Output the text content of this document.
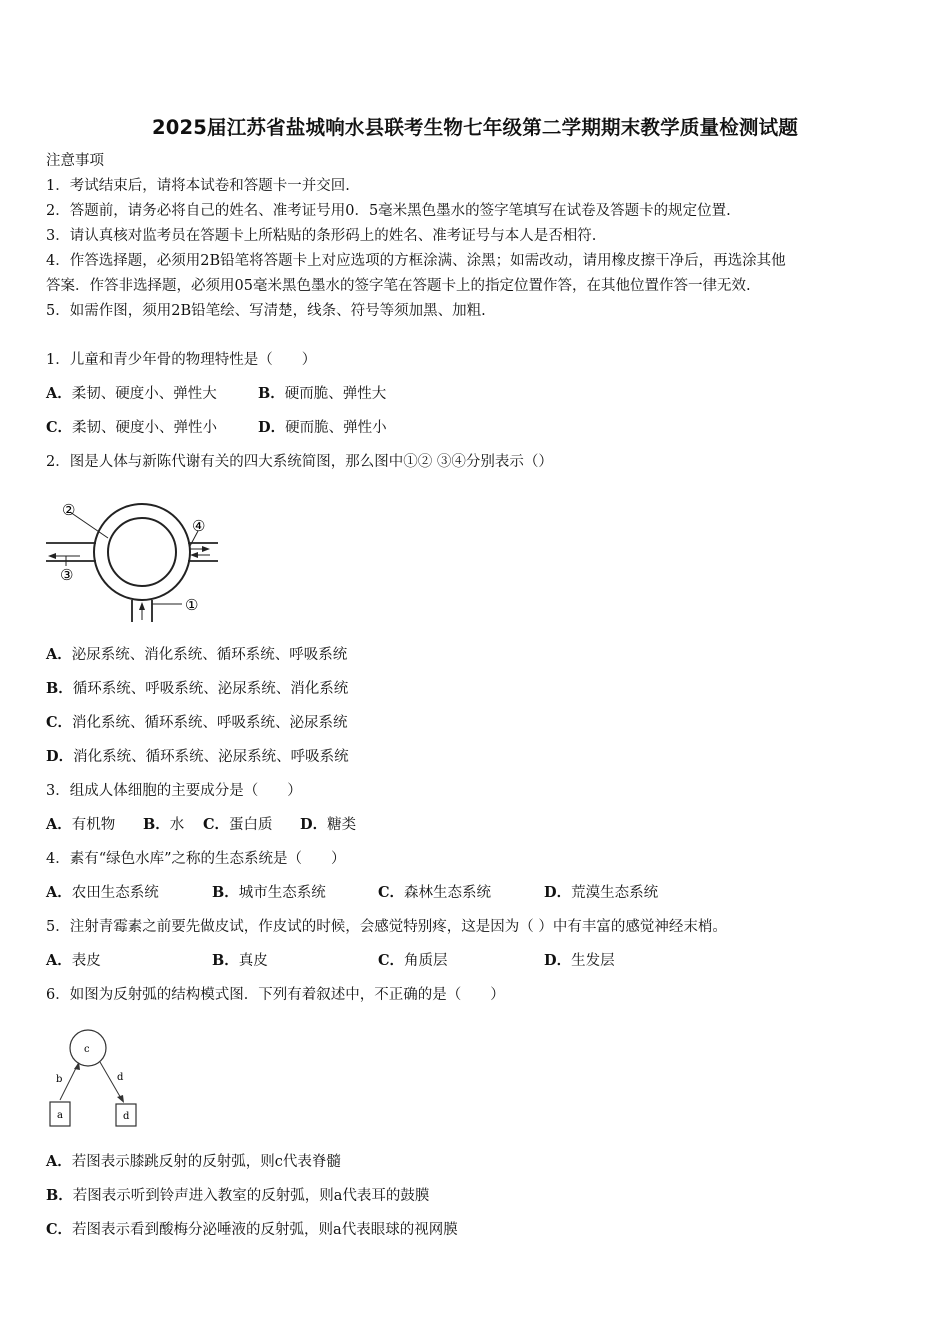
2025届江苏省盐城响水县联考生物七年级第二学期期末教学质量检测试题
注意事项
1．考试结束后，请将本试卷和答题卡一并交回.
2．答题前，请务必将自己的姓名、准考证号用0．5毫米黑色墨水的签字笔填写在试卷及答题卡的规定位置.
3．请认真核对监考员在答题卡上所粘贴的条形码上的姓名、准考证号与本人是否相符.
4．作答选择题，必须用2B铅笔将答题卡上对应选项的方框涂满、涂黑；如需改动，请用橡皮擦干净后，再选涂其他
答案．作答非选择题，必须用05毫米黑色墨水的签字笔在答题卡上的指定位置作答，在其他位置作答一律无效.
5．如需作图，须用2B铅笔绘、写清楚，线条、符号等须加黑、加粗.
1．儿童和青少年骨的物理特性是（　　）
A．柔韧、硬度小、弹性大	B．硬而脆、弹性大
C．柔韧、硬度小、弹性小	D．硬而脆、弹性小
2．图是人体与新陈代谢有关的四大系统简图，那么图中①② ③④分别表示（）
②
④
③
①
A．泌尿系统、消化系统、循环系统、呼吸系统
B．循环系统、呼吸系统、泌尿系统、消化系统
C．消化系统、循环系统、呼吸系统、泌尿系统
D．消化系统、循环系统、泌尿系统、呼吸系统
3．组成人体细胞的主要成分是（　　）
A．有机物 B．水 C．蛋白质 D．糖类
4．素有“绿色水库”之称的生态系统是（　　）
A．农田生态系统	B．城市生态系统	C．森林生态系统	D．荒漠生态系统
5．注射青霉素之前要先做皮试，作皮试的时候，会感觉特别疼，这是因为（ ）中有丰富的感觉神经末梢。
A．表皮	B．真皮	C．角质层	D．生发层
6．如图为反射弧的结构模式图．下列有着叙述中，不正确的是（　　）
c
b	d
a	d
A．若图表示膝跳反射的反射弧，则c代表脊髓
B．若图表示听到铃声进入教室的反射弧，则a代表耳的鼓膜
C．若图表示看到酸梅分泌唾液的反射弧，则a代表眼球的视网膜
